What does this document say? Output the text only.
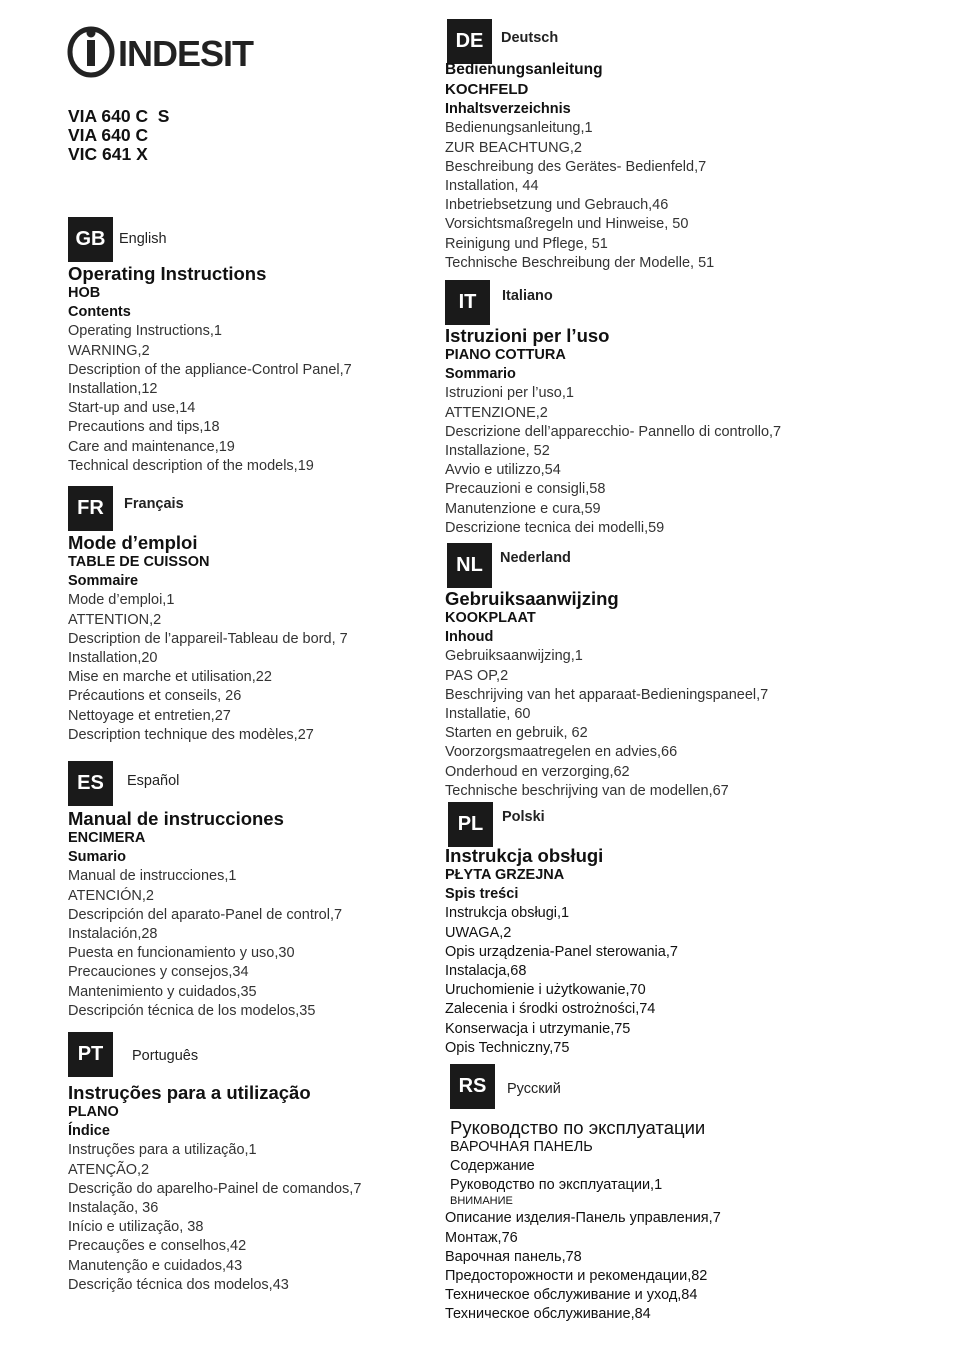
INDESIT
VIA 640 C  S
VIA 640 C
VIC 641 X
GB English
Operating Instructions
HOB
Contents
Operating Instructions,1
WARNING,2
Description of the appliance-Control Panel,7
Installation,12
Start-up and use,14
Precautions and tips,18
Care and maintenance,19
Technical description of the models,19
FR	Français
Mode d’emploi
TABLE DE CUISSON
Sommaire
Mode d’emploi,1
ATTENTION,2
Description de l’appareil-Tableau de bord, 7
Installation,20
Mise en marche et utilisation,22
Précautions et conseils, 26
Nettoyage et entretien,27
Description technique des modèles,27
ES	Español
Manual de instrucciones
ENCIMERA
Sumario
Manual de instrucciones,1
ATENCIÓN,2
Descripción del aparato-Panel de control,7
Instalación,28
Puesta en funcionamiento y uso,30
Precauciones y consejos,34
Mantenimiento y cuidados,35
Descripción técnica de los modelos,35
PT	Português
Instruções para a utilização
PLANO
Índice
Instruções para a utilização,1
ATENÇÃO,2
Descrição do aparelho-Painel de comandos,7
Instalação, 36
Início e utilização, 38
Precauções e conselhos,42
Manutenção e cuidados,43
Descrição técnica dos modelos,43
DE	Deutsch
Bedienungsanleitung
KOCHFELD
Inhaltsverzeichnis
Bedienungsanleitung,1
ZUR BEACHTUNG,2
Beschreibung des Gerätes- Bedienfeld,7
Installation, 44
Inbetriebsetzung und Gebrauch,46
Vorsichtsmaßregeln und Hinweise, 50
Reinigung und Pflege, 51
Technische Beschreibung der Modelle, 51
IT	Italiano
Istruzioni per l’uso
PIANO COTTURA
Sommario
Istruzioni per l’uso,1
ATTENZIONE,2
Descrizione dell’apparecchio- Pannello di controllo,7
Installazione, 52
Avvio e utilizzo,54
Precauzioni e consigli,58
Manutenzione e cura,59
Descrizione tecnica dei modelli,59
NL	Nederland
Gebruiksaanwijzing
KOOKPLAAT
Inhoud
Gebruiksaanwijzing,1
PAS OP,2
Beschrijving van het apparaat-Bedieningspaneel,7
Installatie, 60
Starten en gebruik, 62
Voorzorgsmaatregelen en advies,66
Onderhoud en verzorging,62
Technische beschrijving van de modellen,67
PL	Polski
Instrukcja obsługi
PŁYTA GRZEJNA
Spis treści
Instrukcja obsługi,1
UWAGA,2
Opis urządzenia-Panel sterowania,7
Instalacja,68
Uruchomienie i użytkowanie,70
Zalecenia i środki ostrożności,74
Konserwacja i utrzymanie,75
Opis Techniczny,75
RS	Русский
Руководство по эксплуатации
ВАРОЧНАЯ ПАНЕЛЬ
Содержание
Руководство по эксплуатации,1
ВНИМАНИЕ
Описание изделия-Панель управления,7
Монтаж,76
Варочная панель,78
Предосторожности и рекомендации,82
Техническое обслуживание и уход,84
Техническое обслуживание,84
